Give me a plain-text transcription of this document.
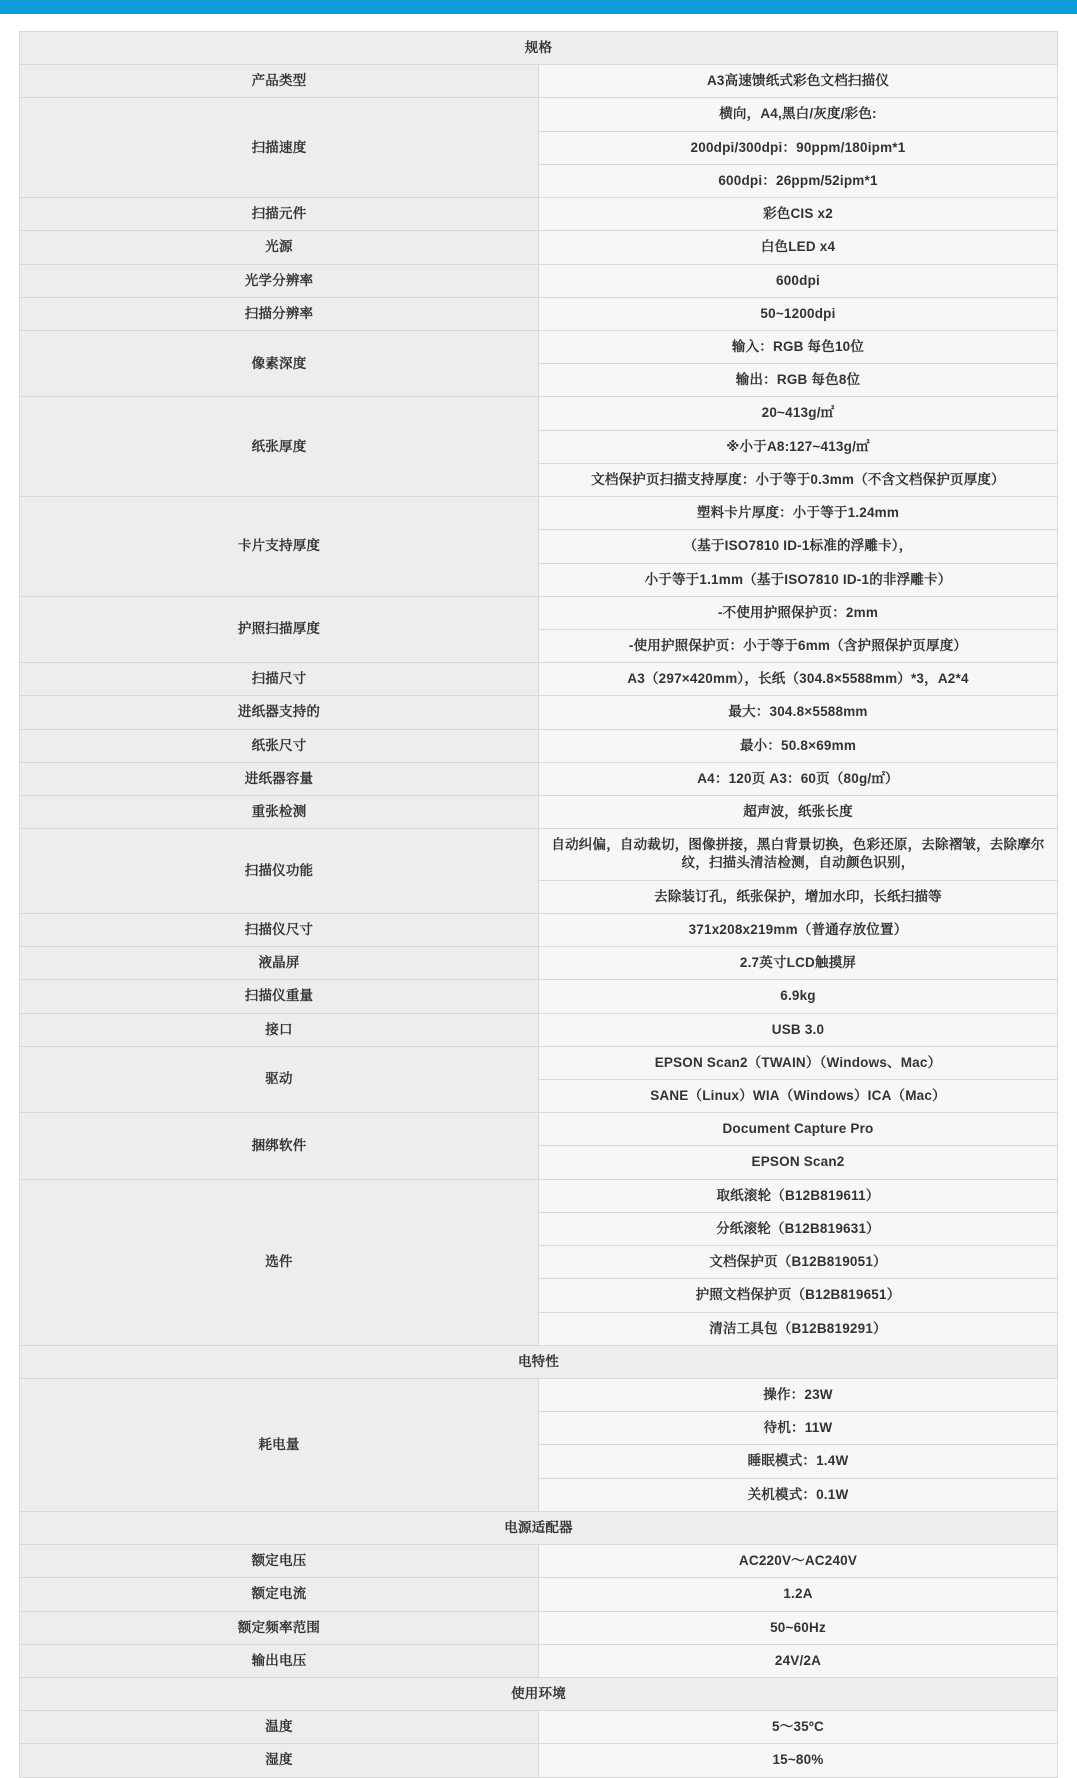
规格	
产品类型	A3高速馈纸式彩色文档扫描仪
扫描速度	横向，A4,黑白/灰度/彩色:
	200dpi/300dpi：90ppm/180ipm*1
	600dpi：26ppm/52ipm*1
扫描元件	彩色CIS x2
光源	白色LED x4
光学分辨率	600dpi
扫描分辨率	50~1200dpi
像素深度	输入：RGB 每色10位
	输出：RGB 每色8位
纸张厚度	20~413g/㎡
	※小于A8:127~413g/㎡
	文档保护页扫描支持厚度：小于等于0.3mm（不含文档保护页厚度）
卡片支持厚度	塑料卡片厚度：小于等于1.24mm
	（基于ISO7810 ID-1标准的浮雕卡），
	小于等于1.1mm（基于ISO7810 ID-1的非浮雕卡）
护照扫描厚度	-不使用护照保护页：2mm
	-使用护照保护页：小于等于6mm（含护照保护页厚度）
扫描尺寸	A3（297×420mm），长纸（304.8×5588mm）*3，A2*4
进纸器支持的	最大：304.8×5588mm
纸张尺寸	最小：50.8×69mm
进纸器容量	A4：120页 A3：60页（80g/㎡）
重张检测	超声波，纸张长度
扫描仪功能	自动纠偏，自动裁切，图像拼接，黑白背景切换，色彩还原，去除褶皱，去除摩尔纹，扫描头清洁检测，自动颜色识别，
	去除装订孔，纸张保护，增加水印，长纸扫描等
扫描仪尺寸	371x208x219mm（普通存放位置）
液晶屏	2.7英寸LCD触摸屏
扫描仪重量	6.9kg
接口	USB 3.0
驱动	EPSON Scan2（TWAIN）（Windows、Mac）
	SANE（Linux）WIA（Windows）ICA（Mac）
捆绑软件	Document Capture Pro
	EPSON Scan2
选件	取纸滚轮（B12B819611）
	分纸滚轮（B12B819631）
	文档保护页（B12B819051）
	护照文档保护页（B12B819651）
	清洁工具包（B12B819291）
电特性	
耗电量	操作：23W
	待机：11W
	睡眠模式：1.4W
	关机模式：0.1W
电源适配器	
额定电压	AC220V～AC240V
额定电流	1.2A
额定频率范围	50~60Hz
输出电压	24V/2A
使用环境	
温度	5～35ºC
湿度	15~80%
